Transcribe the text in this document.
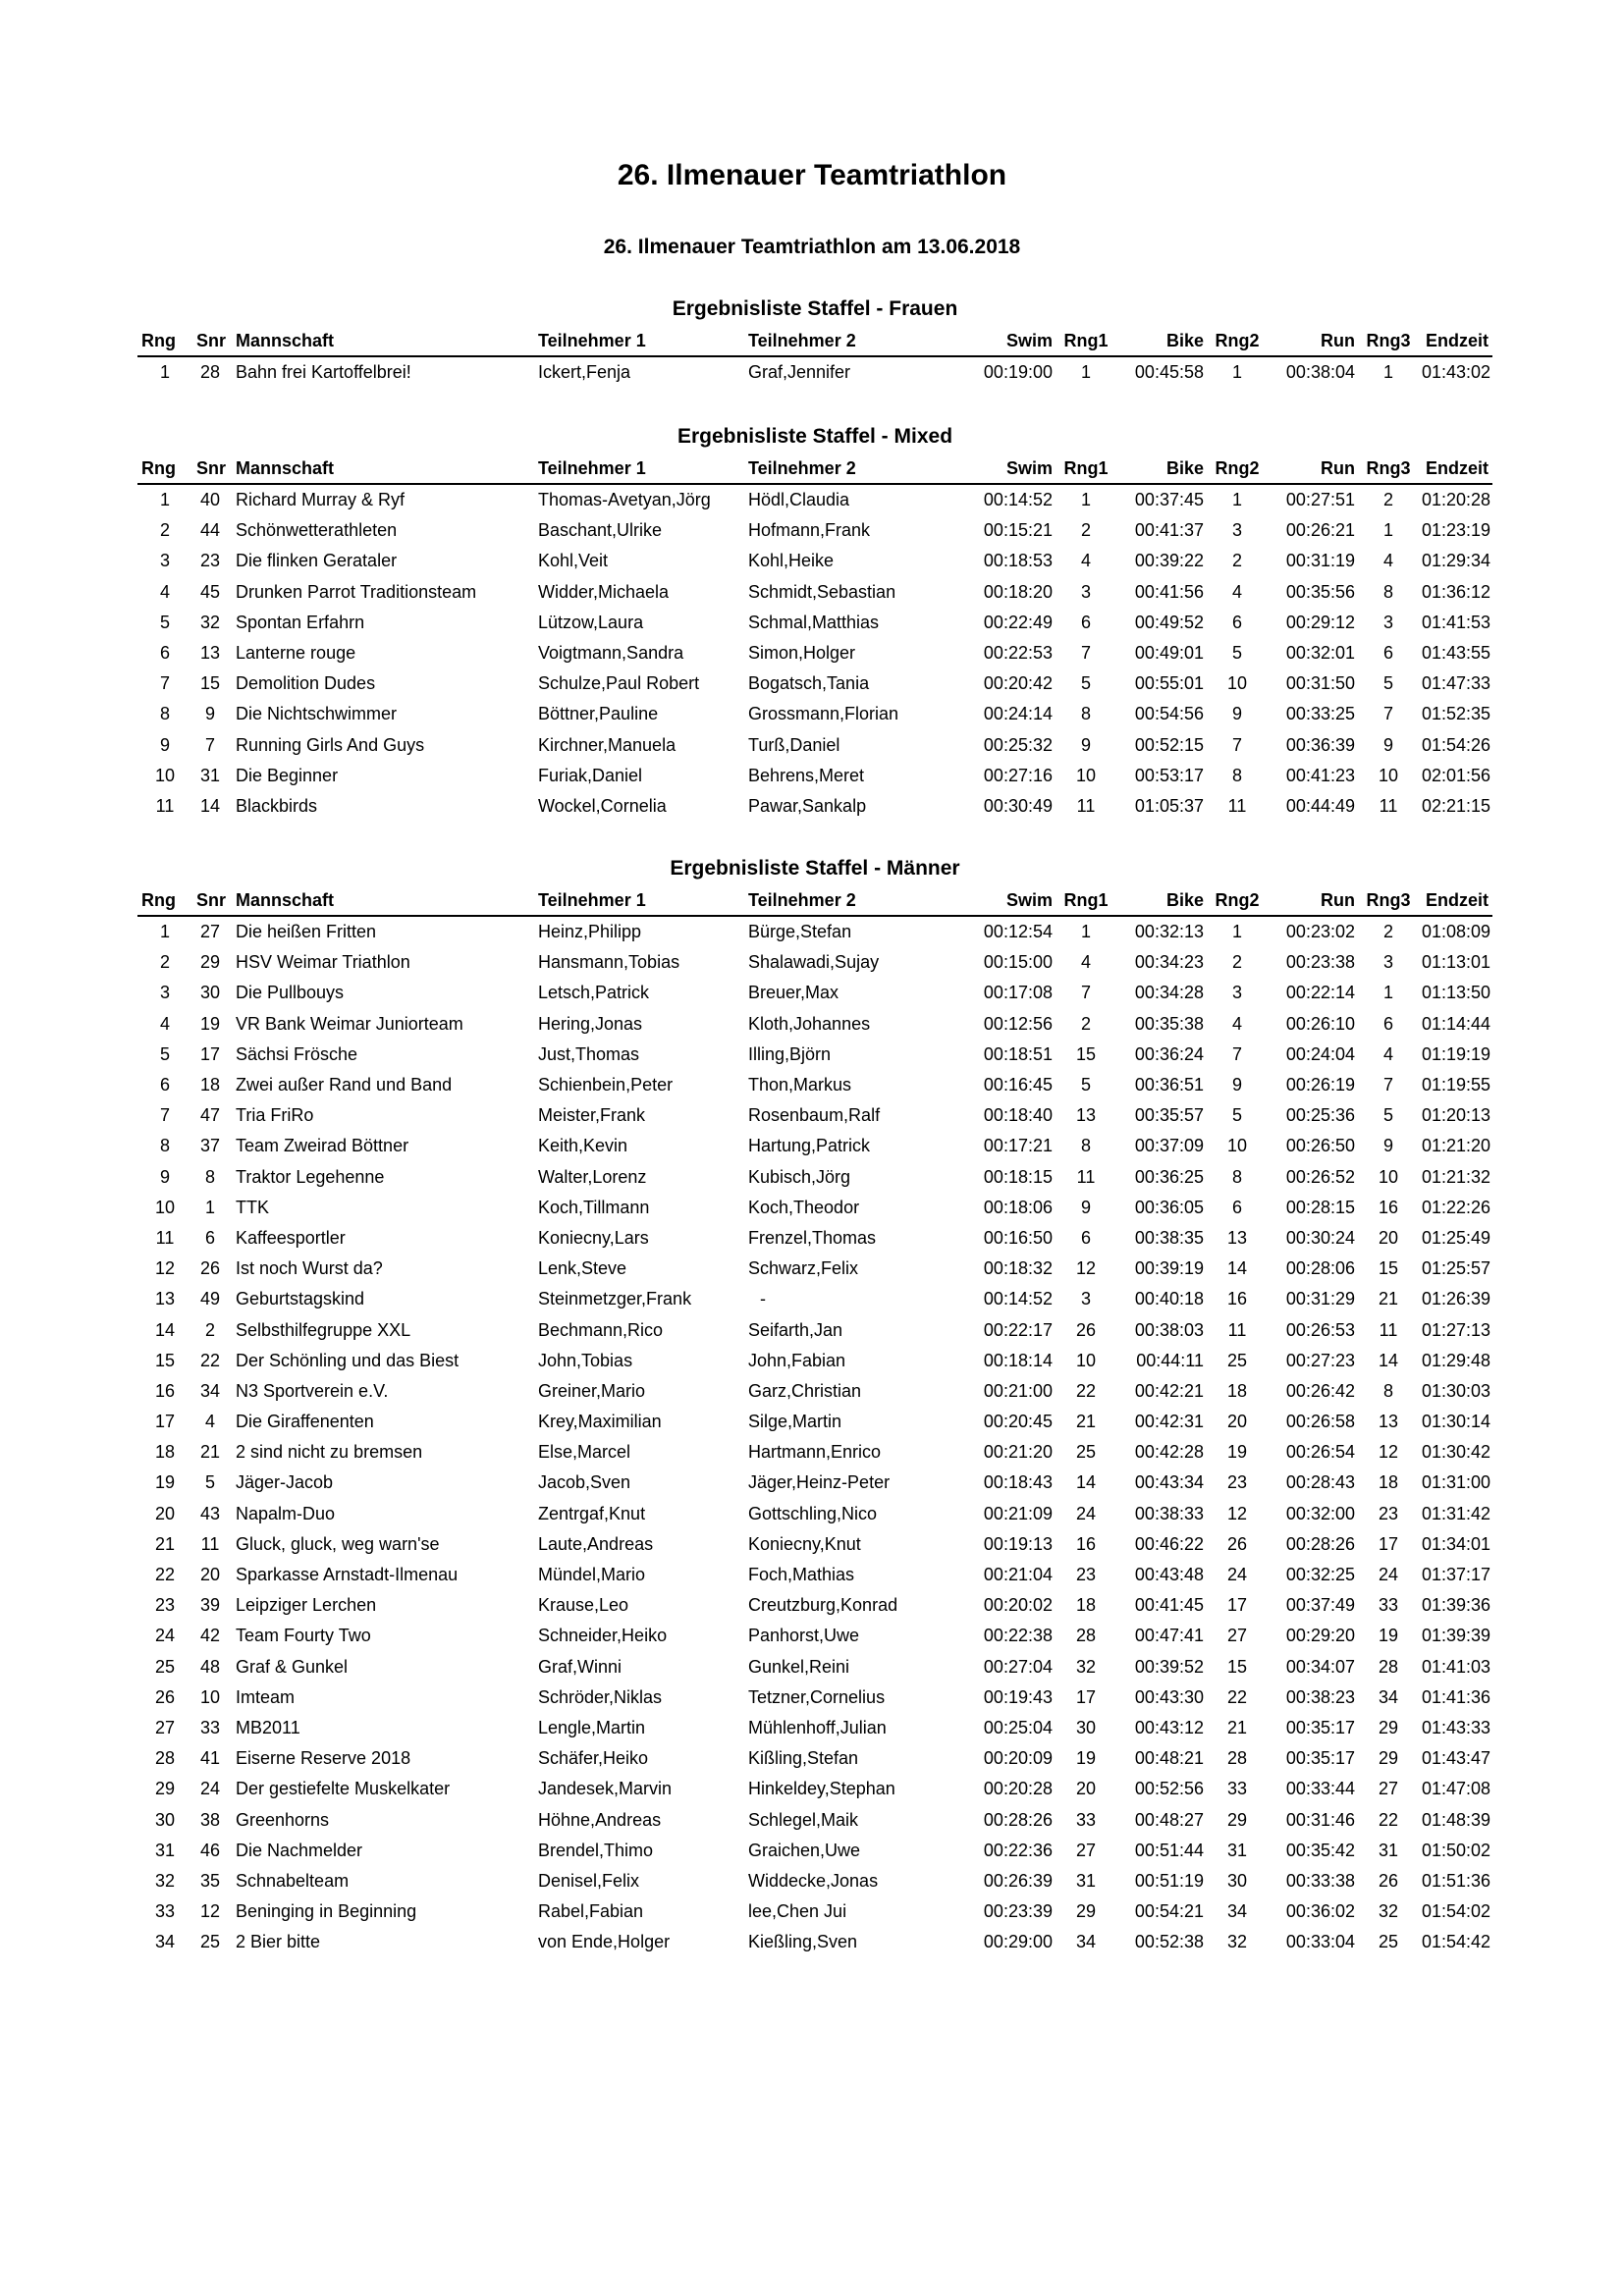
26. Ilmenauer Teamtriathlon
26. Ilmenauer Teamtriathlon am 13.06.2018
Ergebnisliste Staffel - Frauen
Rng	Snr	Mannschaft	Teilnehmer 1	Teilnehmer 2	Swim	Rng1	Bike	Rng2	Run	Rng3	Endzeit
1	28	Bahn frei Kartoffelbrei!	Ickert,Fenja	Graf,Jennifer	00:19:00	1	00:45:58	1	00:38:04	1	01:43:02
Ergebnisliste Staffel - Mixed
Rng	Snr	Mannschaft	Teilnehmer 1	Teilnehmer 2	Swim	Rng1	Bike	Rng2	Run	Rng3	Endzeit
1	40	Richard Murray & Ryf	Thomas-Avetyan,Jörg	Hödl,Claudia	00:14:52	1	00:37:45	1	00:27:51	2	01:20:28
2	44	Schönwetterathleten	Baschant,Ulrike	Hofmann,Frank	00:15:21	2	00:41:37	3	00:26:21	1	01:23:19
3	23	Die flinken Gerataler	Kohl,Veit	Kohl,Heike	00:18:53	4	00:39:22	2	00:31:19	4	01:29:34
4	45	Drunken Parrot Traditionsteam	Widder,Michaela	Schmidt,Sebastian	00:18:20	3	00:41:56	4	00:35:56	8	01:36:12
5	32	Spontan Erfahrn	Lützow,Laura	Schmal,Matthias	00:22:49	6	00:49:52	6	00:29:12	3	01:41:53
6	13	Lanterne rouge	Voigtmann,Sandra	Simon,Holger	00:22:53	7	00:49:01	5	00:32:01	6	01:43:55
7	15	Demolition Dudes	Schulze,Paul Robert	Bogatsch,Tania	00:20:42	5	00:55:01	10	00:31:50	5	01:47:33
8	9	Die Nichtschwimmer	Böttner,Pauline	Grossmann,Florian	00:24:14	8	00:54:56	9	00:33:25	7	01:52:35
9	7	Running Girls And Guys	Kirchner,Manuela	Turß,Daniel	00:25:32	9	00:52:15	7	00:36:39	9	01:54:26
10	31	Die Beginner	Furiak,Daniel	Behrens,Meret	00:27:16	10	00:53:17	8	00:41:23	10	02:01:56
11	14	Blackbirds	Wockel,Cornelia	Pawar,Sankalp	00:30:49	11	01:05:37	11	00:44:49	11	02:21:15
Ergebnisliste Staffel - Männer
Rng	Snr	Mannschaft	Teilnehmer 1	Teilnehmer 2	Swim	Rng1	Bike	Rng2	Run	Rng3	Endzeit
1	27	Die heißen Fritten	Heinz,Philipp	Bürge,Stefan	00:12:54	1	00:32:13	1	00:23:02	2	01:08:09
2	29	HSV Weimar Triathlon	Hansmann,Tobias	Shalawadi,Sujay	00:15:00	4	00:34:23	2	00:23:38	3	01:13:01
3	30	Die Pullbouys	Letsch,Patrick	Breuer,Max	00:17:08	7	00:34:28	3	00:22:14	1	01:13:50
4	19	VR Bank Weimar Juniorteam	Hering,Jonas	Kloth,Johannes	00:12:56	2	00:35:38	4	00:26:10	6	01:14:44
5	17	Sächsi Frösche	Just,Thomas	Illing,Björn	00:18:51	15	00:36:24	7	00:24:04	4	01:19:19
6	18	Zwei außer Rand und Band	Schienbein,Peter	Thon,Markus	00:16:45	5	00:36:51	9	00:26:19	7	01:19:55
7	47	Tria FriRo	Meister,Frank	Rosenbaum,Ralf	00:18:40	13	00:35:57	5	00:25:36	5	01:20:13
8	37	Team Zweirad Böttner	Keith,Kevin	Hartung,Patrick	00:17:21	8	00:37:09	10	00:26:50	9	01:21:20
9	8	Traktor Legehenne	Walter,Lorenz	Kubisch,Jörg	00:18:15	11	00:36:25	8	00:26:52	10	01:21:32
10	1	TTK	Koch,Tillmann	Koch,Theodor	00:18:06	9	00:36:05	6	00:28:15	16	01:22:26
11	6	Kaffeesportler	Koniecny,Lars	Frenzel,Thomas	00:16:50	6	00:38:35	13	00:30:24	20	01:25:49
12	26	Ist noch Wurst da?	Lenk,Steve	Schwarz,Felix	00:18:32	12	00:39:19	14	00:28:06	15	01:25:57
13	49	Geburtstagskind	Steinmetzger,Frank	-	00:14:52	3	00:40:18	16	00:31:29	21	01:26:39
14	2	Selbsthilfegruppe XXL	Bechmann,Rico	Seifarth,Jan	00:22:17	26	00:38:03	11	00:26:53	11	01:27:13
15	22	Der Schönling und das Biest	John,Tobias	John,Fabian	00:18:14	10	00:44:11	25	00:27:23	14	01:29:48
16	34	N3 Sportverein e.V.	Greiner,Mario	Garz,Christian	00:21:00	22	00:42:21	18	00:26:42	8	01:30:03
17	4	Die Giraffenenten	Krey,Maximilian	Silge,Martin	00:20:45	21	00:42:31	20	00:26:58	13	01:30:14
18	21	2 sind nicht zu bremsen	Else,Marcel	Hartmann,Enrico	00:21:20	25	00:42:28	19	00:26:54	12	01:30:42
19	5	Jäger-Jacob	Jacob,Sven	Jäger,Heinz-Peter	00:18:43	14	00:43:34	23	00:28:43	18	01:31:00
20	43	Napalm-Duo	Zentrgaf,Knut	Gottschling,Nico	00:21:09	24	00:38:33	12	00:32:00	23	01:31:42
21	11	Gluck, gluck, weg warn'se	Laute,Andreas	Koniecny,Knut	00:19:13	16	00:46:22	26	00:28:26	17	01:34:01
22	20	Sparkasse Arnstadt-Ilmenau	Mündel,Mario	Foch,Mathias	00:21:04	23	00:43:48	24	00:32:25	24	01:37:17
23	39	Leipziger Lerchen	Krause,Leo	Creutzburg,Konrad	00:20:02	18	00:41:45	17	00:37:49	33	01:39:36
24	42	Team Fourty Two	Schneider,Heiko	Panhorst,Uwe	00:22:38	28	00:47:41	27	00:29:20	19	01:39:39
25	48	Graf & Gunkel	Graf,Winni	Gunkel,Reini	00:27:04	32	00:39:52	15	00:34:07	28	01:41:03
26	10	Imteam	Schröder,Niklas	Tetzner,Cornelius	00:19:43	17	00:43:30	22	00:38:23	34	01:41:36
27	33	MB2011	Lengle,Martin	Mühlenhoff,Julian	00:25:04	30	00:43:12	21	00:35:17	29	01:43:33
28	41	Eiserne Reserve 2018	Schäfer,Heiko	Kißling,Stefan	00:20:09	19	00:48:21	28	00:35:17	29	01:43:47
29	24	Der gestiefelte Muskelkater	Jandesek,Marvin	Hinkeldey,Stephan	00:20:28	20	00:52:56	33	00:33:44	27	01:47:08
30	38	Greenhorns	Höhne,Andreas	Schlegel,Maik	00:28:26	33	00:48:27	29	00:31:46	22	01:48:39
31	46	Die Nachmelder	Brendel,Thimo	Graichen,Uwe	00:22:36	27	00:51:44	31	00:35:42	31	01:50:02
32	35	Schnabelteam	Denisel,Felix	Widdecke,Jonas	00:26:39	31	00:51:19	30	00:33:38	26	01:51:36
33	12	Beninging in Beginning	Rabel,Fabian	lee,Chen Jui	00:23:39	29	00:54:21	34	00:36:02	32	01:54:02
34	25	2 Bier bitte	von Ende,Holger	Kießling,Sven	00:29:00	34	00:52:38	32	00:33:04	25	01:54:42
